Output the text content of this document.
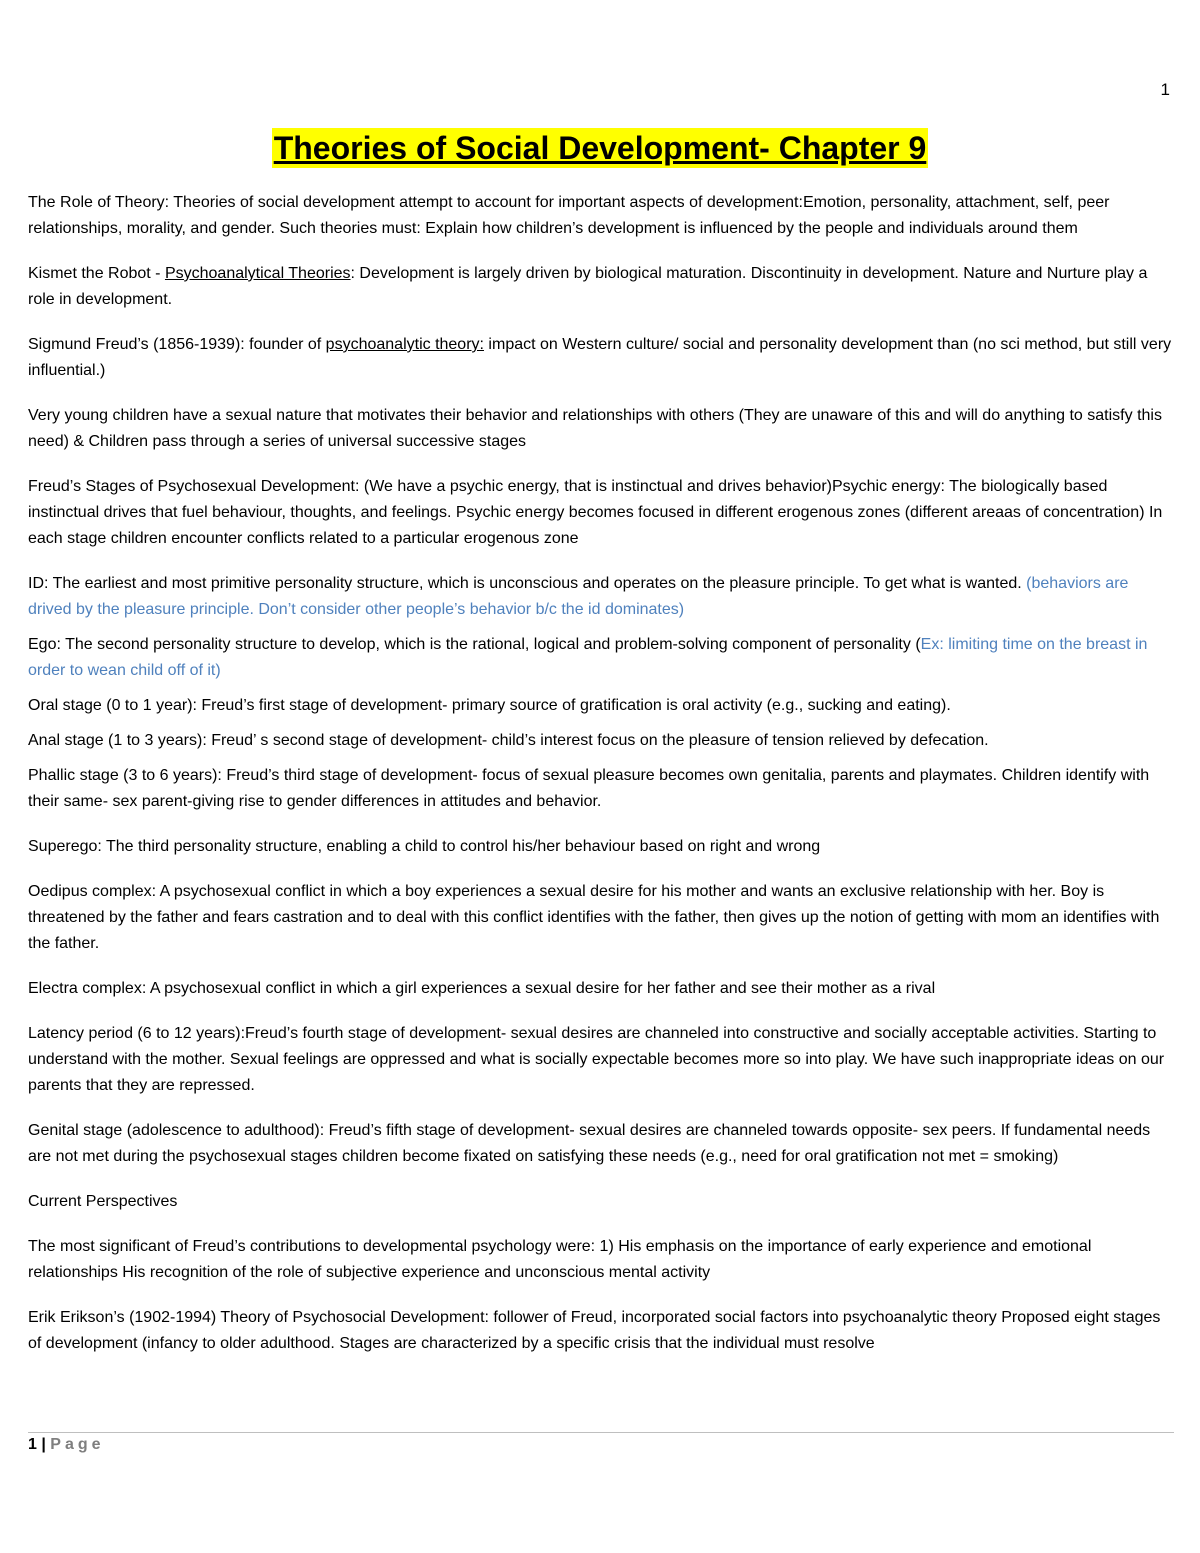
1
Theories of Social Development- Chapter 9

The Role of Theory: Theories of social development attempt to account for important aspects of development:Emotion, personality, attachment, self, peer relationships, morality, and gender. Such theories must: Explain how children’s development is influenced by the people and individuals around them

Kismet the Robot - Psychoanalytical Theories: Development is largely driven by biological maturation. Discontinuity in development. Nature and Nurture play a role in development.

Sigmund Freud’s (1856-1939): founder of psychoanalytic theory: impact on Western culture/ social and personality development than (no sci method, but still very influential.)

Very young children have a sexual nature that motivates their behavior and relationships with others (They are unaware of this and will do anything to satisfy this need) & Children pass through a series of universal successive stages

Freud’s Stages of Psychosexual Development: (We have a psychic energy, that is instinctual and drives behavior)Psychic energy: The biologically based instinctual drives that fuel behaviour, thoughts, and feelings. Psychic energy becomes focused in different erogenous zones (different areaas of concentration) In each stage children encounter conflicts related to a particular erogenous zone

ID: The earliest and most primitive personality structure, which is unconscious and operates on the pleasure principle. To get what is wanted. (behaviors are drived by the pleasure principle. Don’t consider other people’s behavior b/c the id dominates)

Ego: The second personality structure to develop, which is the rational, logical and problem-solving component of personality (Ex: limiting time on the breast in order to wean child off of it)

Oral stage (0 to 1 year): Freud’s first stage of development- primary source of gratification is oral activity (e.g., sucking and eating).

Anal stage (1 to 3 years): Freud’ s second stage of development- child’s interest focus on the pleasure of tension relieved by defecation.

Phallic stage (3 to 6 years): Freud’s third stage of development- focus of sexual pleasure becomes own genitalia, parents and playmates. Children identify with their same- sex parent-giving rise to gender differences in attitudes and behavior.

Superego: The third personality structure, enabling a child to control his/her behaviour based on right and wrong

Oedipus complex: A psychosexual conflict in which a boy experiences a sexual desire for his mother and wants an exclusive relationship with her. Boy is threatened by the father and fears castration and to deal with this conflict identifies with the father, then gives up the notion of getting with mom an identifies with the father.

Electra complex: A psychosexual conflict in which a girl experiences a sexual desire for her father and see their mother as a rival

Latency period (6 to 12 years):Freud’s fourth stage of development- sexual desires are channeled into constructive and socially acceptable activities. Starting to understand with the mother. Sexual feelings are oppressed and what is socially expectable becomes more so into play. We have such inappropriate ideas on our parents that they are repressed.

Genital stage (adolescence to adulthood): Freud’s fifth stage of development- sexual desires are channeled towards opposite- sex peers. If fundamental needs are not met during the psychosexual stages children become fixated on satisfying these needs (e.g., need for oral gratification not met = smoking)

Current Perspectives

The most significant of Freud’s contributions to developmental psychology were: 1) His emphasis on the importance of early experience and emotional relationships His recognition of the role of subjective experience and unconscious mental activity

Erik Erikson’s (1902-1994) Theory of Psychosocial Development: follower of Freud, incorporated social factors into psychoanalytic theory Proposed eight stages of development (infancy to older adulthood. Stages are characterized by a specific crisis that the individual must resolve

1 | Page
